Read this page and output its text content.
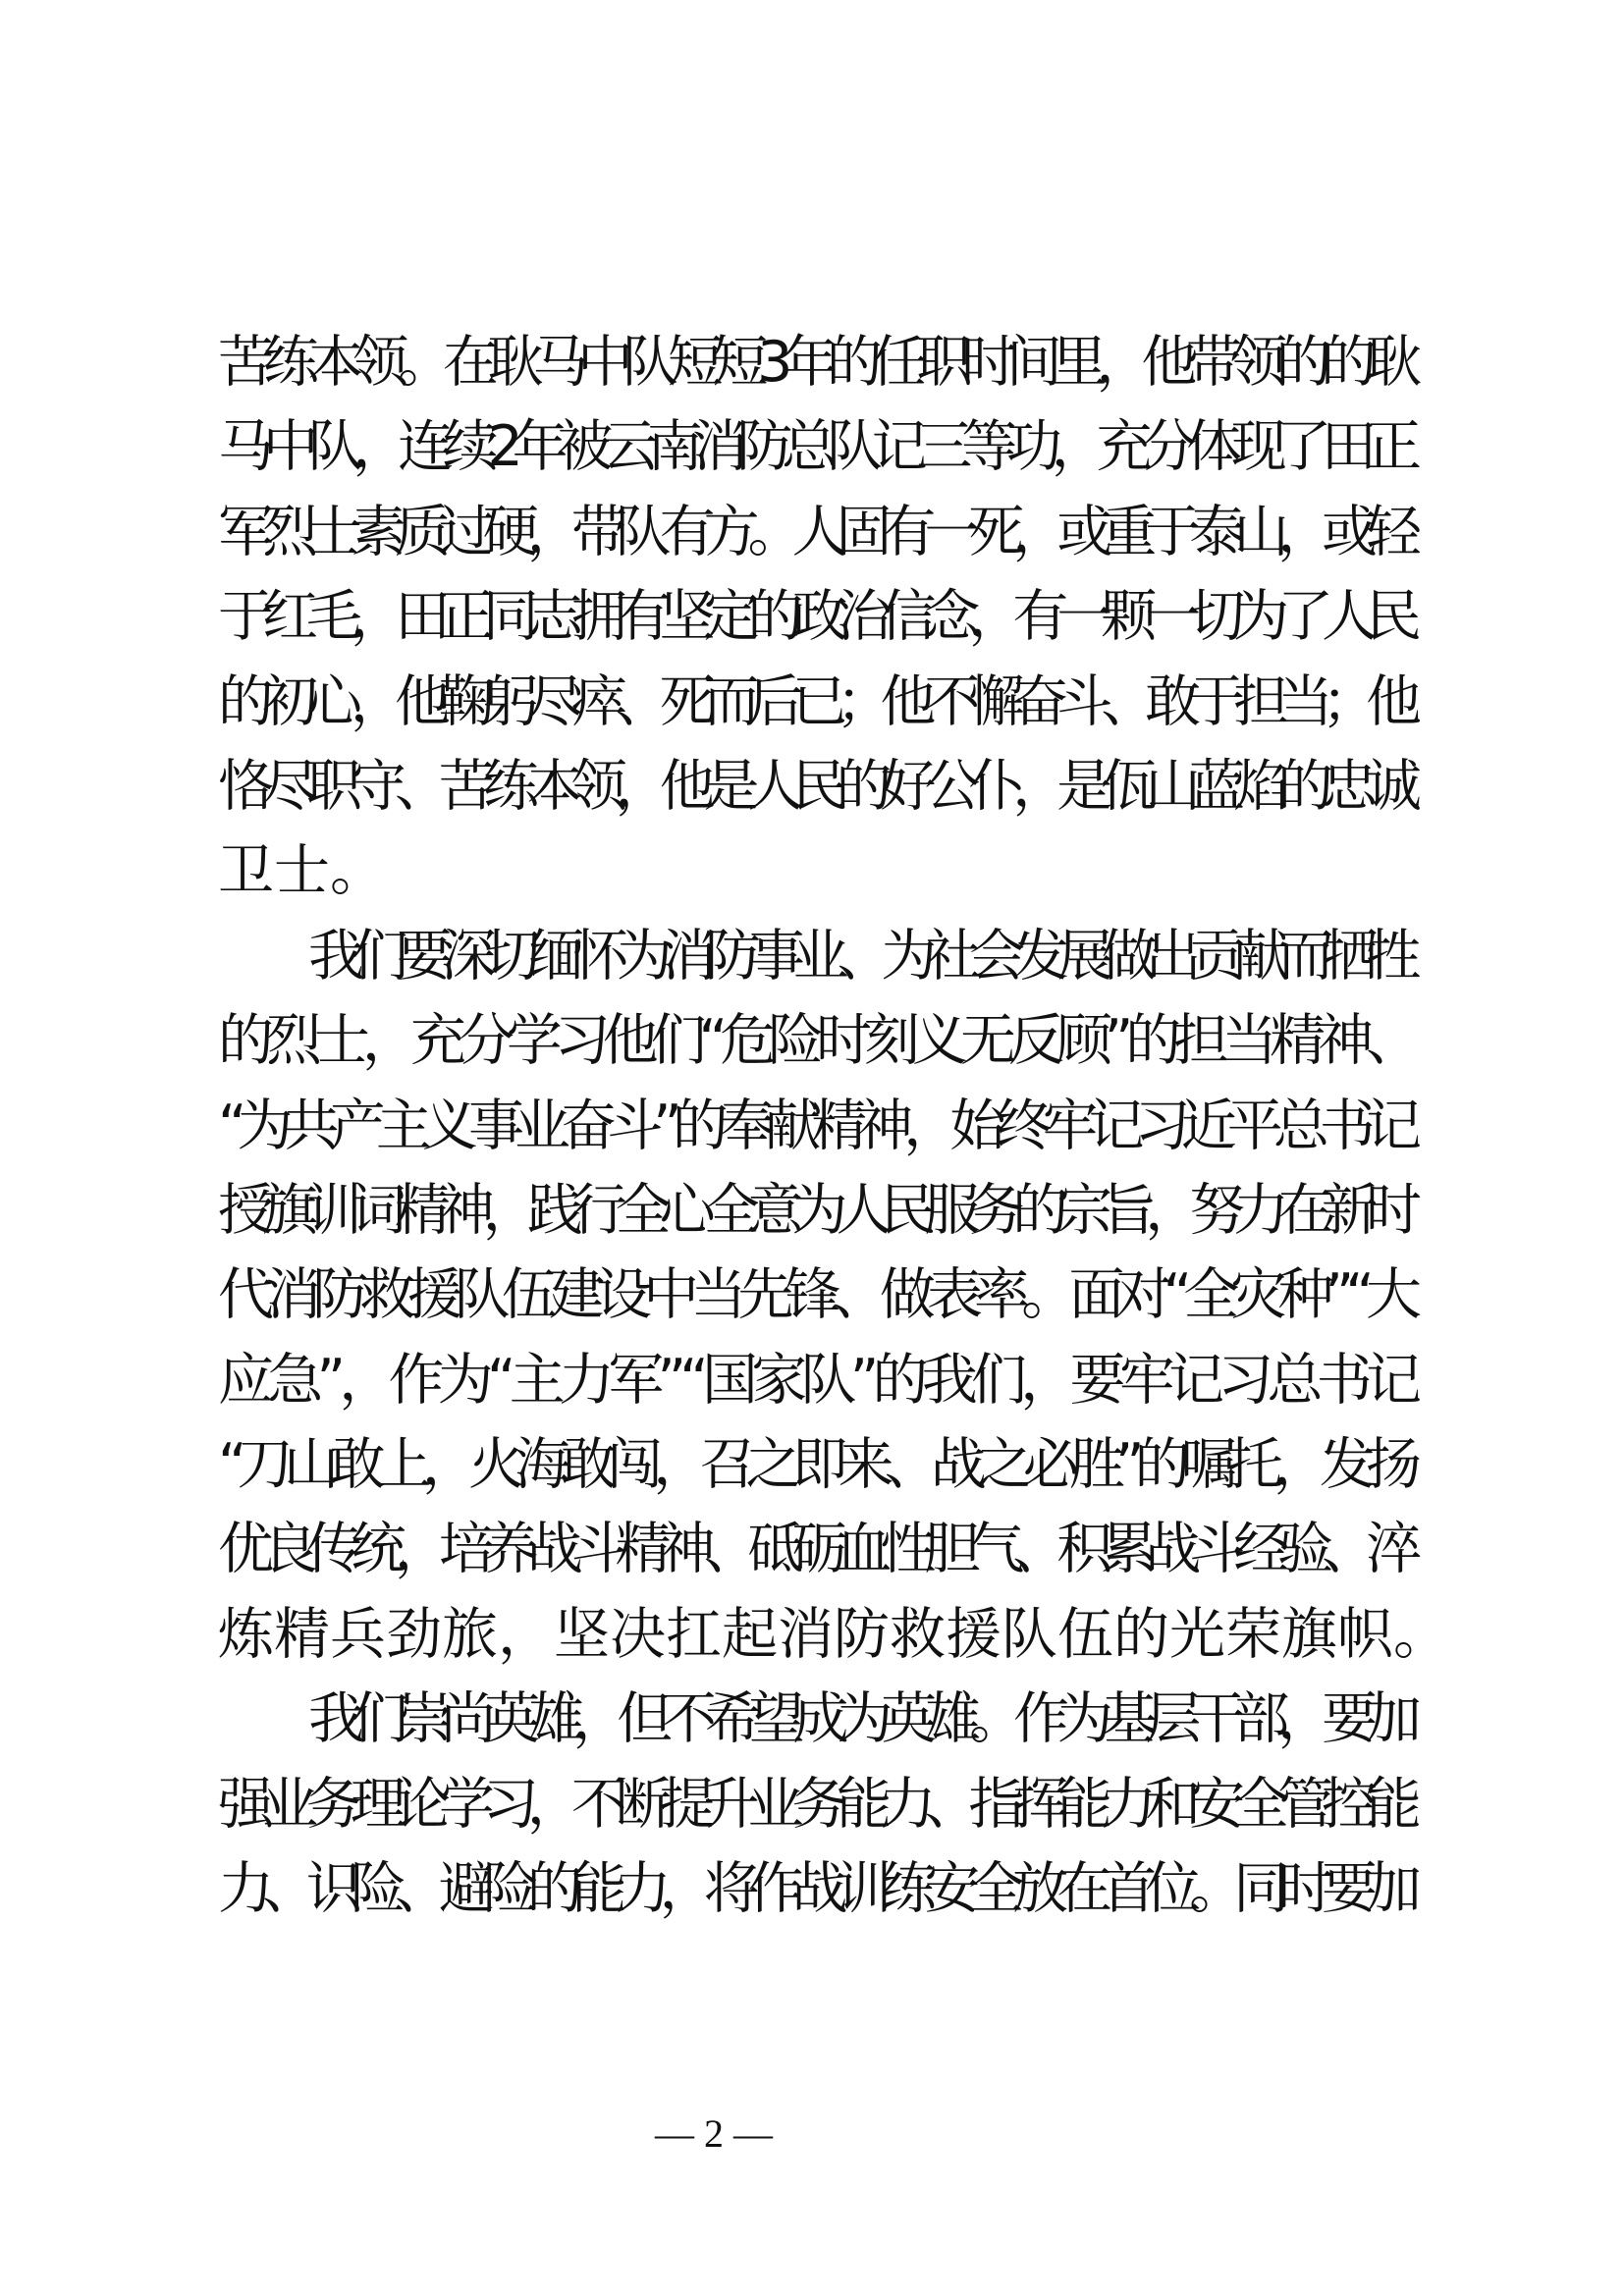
苦练本领。在耿马中队短短3年的任职时间里，他带领的的耿
马中队，连续2年被云南消防总队记三等功，充分体现了田正
军烈士素质过硬，带队有方。人固有一死，或重于泰山，或轻
于红毛，田正同志拥有坚定的政治信念，有一颗一切为了人民
的初心，他鞠躬尽瘁、死而后已；他不懈奋斗、敢于担当；他
恪尽职守、苦练本领，他是人民的好公仆，是佤山蓝焰的忠诚
卫士。
我们要深切缅怀为消防事业、为社会发展做出贡献而牺牲
的烈士，充分学习他们“危险时刻义无反顾”的担当精神、
“为共产主义事业奋斗”的奉献精神，始终牢记习近平总书记
授旗训词精神，践行全心全意为人民服务的宗旨，努力在新时
代消防救援队伍建设中当先锋、做表率。面对“全灾种”“大
应急”，作为“主力军”“国家队”的我们，要牢记习总书记
“刀山敢上，火海敢闯，召之即来、战之必胜”的嘱托，发扬
优良传统，培养战斗精神、砥砺血性胆气、积累战斗经验、淬
炼精兵劲旅，坚决扛起消防救援队伍的光荣旗帜。
我们崇尚英雄，但不希望成为英雄。作为基层干部，要加
强业务理论学习，不断提升业务能力、指挥能力和安全管控能
力、识险、避险的能力，将作战训练安全放在首位。同时要加
— 2 —
